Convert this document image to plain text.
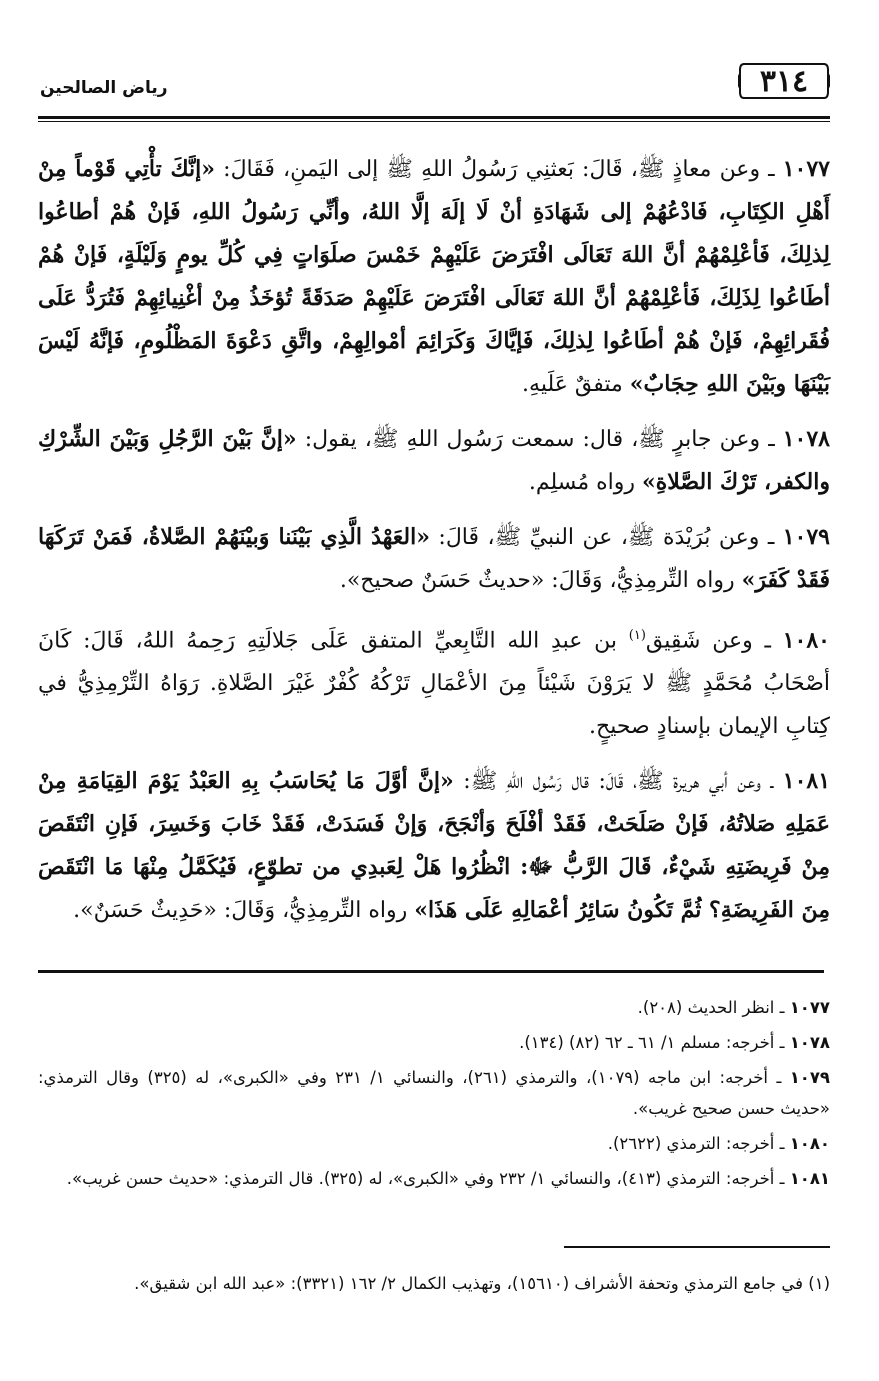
٣١٤
رياض الصالحين

١٠٧٧ ـ وعن معاذٍ ﷺ، قَالَ: بَعثنِي رَسُولُ اللهِ ﷺ إلى اليَمنِ، فَقَالَ: «إنَّكَ تأْتِي قَوْماً مِنْ أَهْلِ الكِتَابِ، فَادْعُهُمْ إلى شَهَادَةِ أنْ لَا إلَهَ إلَّا اللهُ، وأنِّي رَسُولُ اللهِ، فَإنْ هُمْ أطاعُوا لِذلِكَ، فَأعْلِمْهُمْ أنَّ اللهَ تَعَالَى افْتَرَضَ عَلَيْهِمْ خَمْسَ صلَوَاتٍ فِي كُلِّ يومٍ وَلَيْلَةٍ، فَإنْ هُمْ أطَاعُوا لِذَلِكَ، فَأعْلِمْهُمْ أنَّ اللهَ تَعَالَى افْتَرَضَ عَلَيْهِمْ صَدَقَةً تُؤخَذُ مِنْ أغْنِيائِهِمْ فَتُرَدُّ عَلَى فُقَرائِهِمْ، فَإنْ هُمْ أطَاعُوا لِذلِكَ، فَإيَّاكَ وَكَرَائِمَ أمْوالِهِمْ، واتَّقِ دَعْوَةَ المَظْلُومِ، فَإنَّهُ لَيْسَ بَيْنَهَا وبَيْنَ اللهِ حِجَابٌ» متفقٌ عَلَيهِ.

١٠٧٨ ـ وعن جابرٍ ﷺ، قال: سمعت رَسُول اللهِ ﷺ، يقول: «إنَّ بَيْنَ الرَّجُلِ وَبَيْنَ الشِّرْكِ والكفر، تَرْكَ الصَّلاةِ» رواه مُسلِم.

١٠٧٩ ـ وعن بُرَيْدَة ﷺ، عن النبيِّ ﷺ، قَالَ: «العَهْدُ الَّذِي بَيْنَنا وَبيْنَهُمْ الصَّلاةُ، فَمَنْ تَرَكَهَا فَقَدْ كَفَرَ» رواه التِّرمِذِيُّ، وَقَالَ: «حديثٌ حَسَنٌ صحيح».

١٠٨٠ ـ وعن شَقِيق$^{(١)}$ بن عبدِ الله التَّابِعيِّ المتفق عَلَى جَلالَتِهِ رَحِمهُ اللهُ، قَالَ: كَانَ أصْحَابُ مُحَمَّدٍ ﷺ لا يَرَوْنَ شَيْئاً مِنَ الأعْمَالِ تَرْكُهُ كُفْرٌ غَيْرَ الصَّلاةِ. رَوَاهُ التِّرْمِذِيُّ في كِتابِ الإيمان بإسنادٍ صحيحٍ.

١٠٨١ ـ وعن أبي هريرة ﷺ، قَالَ: قال رَسُول اللهِ ﷺ: «إنَّ أوَّلَ مَا يُحَاسَبُ بِهِ العَبْدُ يَوْمَ القِيَامَةِ مِنْ عَمَلِهِ صَلاتُهُ، فَإنْ صَلَحَتْ، فَقَدْ أفْلَحَ وَأنْجَحَ، وَإنْ فَسَدَتْ، فَقَدْ خَابَ وَخَسِرَ، فَإنِ انْتَقَصَ مِنْ فَرِيضَتِهِ شَيْءٌ، قَالَ الرَّبُّ ﷻ: انْظُرُوا هَلْ لِعَبدِي من تطوّعٍ، فَيُكَمَّلُ مِنْهَا مَا انْتَقَصَ مِنَ الفَرِيضَةِ؟ ثُمَّ تَكُونُ سَائِرُ أعْمَالِهِ عَلَى هَذَا» رواه التِّرمِذِيُّ، وَقَالَ: «حَدِيثٌ حَسَنٌ».

١٠٧٧ ـ انظر الحديث (٢٠٨).

١٠٧٨ ـ أخرجه: مسلم ١/ ٦١ ـ ٦٢ (٨٢) (١٣٤).

١٠٧٩ ـ أخرجه: ابن ماجه (١٠٧٩)، والترمذي (٢٦١)، والنسائي ١/ ٢٣١ وفي «الكبرى»، له (٣٢٥) وقال الترمذي: «حديث حسن صحيح غريب».

١٠٨٠ ـ أخرجه: الترمذي (٢٦٢٢).

١٠٨١ ـ أخرجه: الترمذي (٤١٣)، والنسائي ١/ ٢٣٢ وفي «الكبرى»، له (٣٢٥). قال الترمذي: «حديث حسن غريب».

(١) في جامع الترمذي وتحفة الأشراف (١٥٦١٠)، وتهذيب الكمال ٢/ ١٦٢ (٣٣٢١): «عبد الله ابن شقيق».
